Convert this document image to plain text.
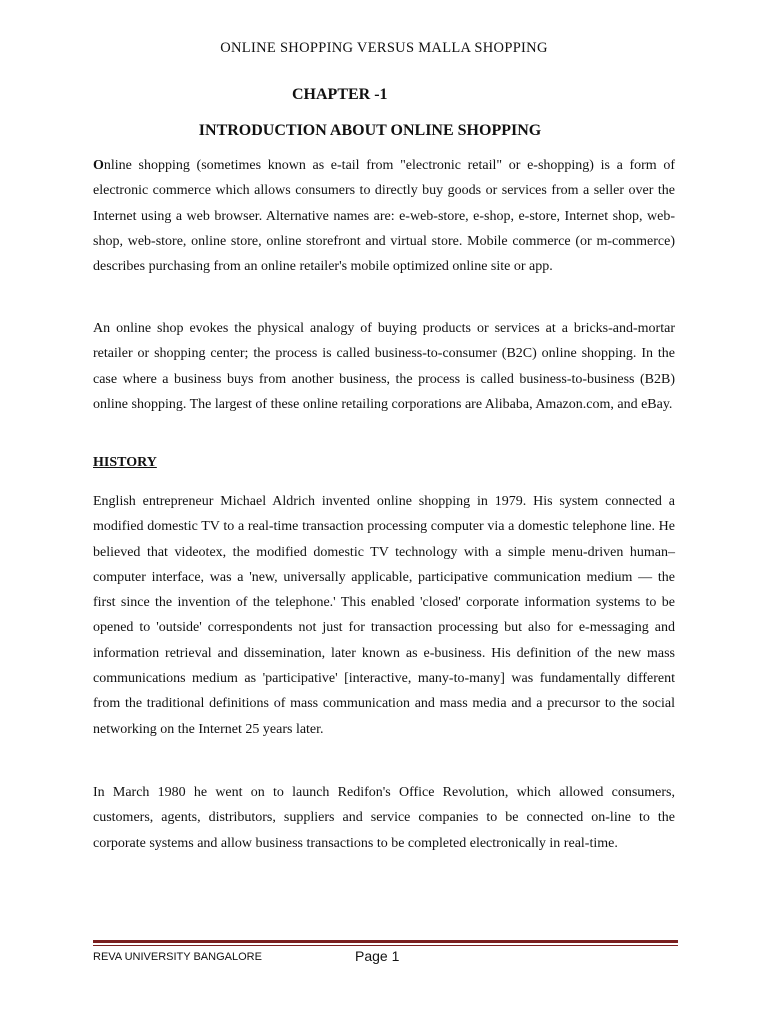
ONLINE SHOPPING VERSUS MALLA SHOPPING
CHAPTER -1
INTRODUCTION ABOUT ONLINE SHOPPING

Online shopping (sometimes known as e-tail from "electronic retail" or e-shopping) is a form of electronic commerce which allows consumers to directly buy goods or services from a seller over the Internet using a web browser. Alternative names are: e-web-store, e-shop, e-store, Internet shop, web-shop, web-store, online store, online storefront and virtual store. Mobile commerce (or m-commerce) describes purchasing from an online retailer's mobile optimized online site or app.

An online shop evokes the physical analogy of buying products or services at a bricks-and-mortar retailer or shopping center; the process is called business-to-consumer (B2C) online shopping. In the case where a business buys from another business, the process is called business-to-business (B2B) online shopping. The largest of these online retailing corporations are Alibaba, Amazon.com, and eBay.

HISTORY

English entrepreneur Michael Aldrich invented online shopping in 1979. His system connected a modified domestic TV to a real-time transaction processing computer via a domestic telephone line. He believed that videotex, the modified domestic TV technology with a simple menu-driven human–computer interface, was a 'new, universally applicable, participative communication medium — the first since the invention of the telephone.' This enabled 'closed' corporate information systems to be opened to 'outside' correspondents not just for transaction processing but also for e-messaging and information retrieval and dissemination, later known as e-business. His definition of the new mass communications medium as 'participative' [interactive, many-to-many] was fundamentally different from the traditional definitions of mass communication and mass media and a precursor to the social networking on the Internet 25 years later.

In March 1980 he went on to launch Redifon's Office Revolution, which allowed consumers, customers, agents, distributors, suppliers and service companies to be connected on-line to the corporate systems and allow business transactions to be completed electronically in real-time.

REVA UNIVERSITY BANGALORE	Page 1
